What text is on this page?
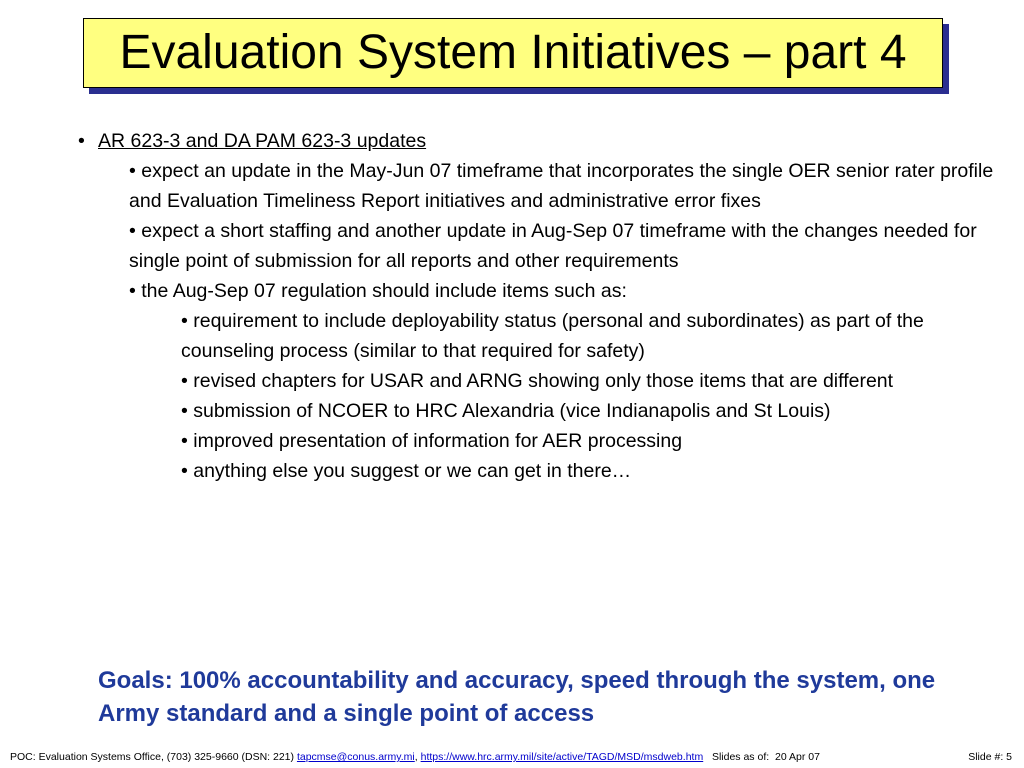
Evaluation System Initiatives – part 4
• AR 623-3 and DA PAM 623-3 updates
• expect an update in the May-Jun 07 timeframe that incorporates the single OER senior rater profile and Evaluation Timeliness Report initiatives and administrative error fixes
• expect a short staffing and another update in Aug-Sep 07 timeframe with the changes needed for single point of submission for all reports and other requirements
• the Aug-Sep 07 regulation should include items such as:
• requirement to include deployability status (personal and subordinates) as part of the counseling process (similar to that required for safety)
• revised chapters for USAR and ARNG showing only those items that are different
• submission of NCOER to HRC Alexandria (vice Indianapolis and St Louis)
• improved presentation of information for AER processing
• anything else you suggest or we can get in there…
Goals: 100% accountability and accuracy, speed through the system, one Army standard and a single point of access
POC: Evaluation Systems Office, (703) 325-9660 (DSN: 221) tapcmse@conus.army.mi, https://www.hrc.army.mil/site/active/TAGD/MSD/msdweb.htm   Slides as of:  20 Apr 07	Slide #: 5
